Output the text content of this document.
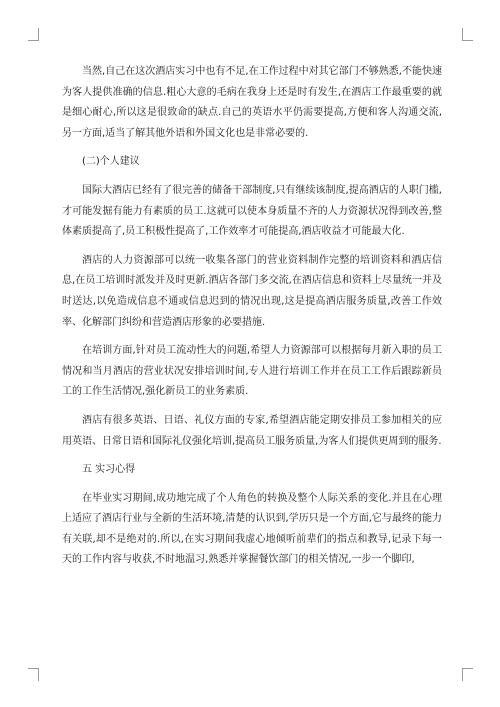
当然,自己在这次酒店实习中也有不足,在工作过程中对其它部门不够熟悉,不能快速为客人提供准确的信息.粗心大意的毛病在我身上还是时有发生,在酒店工作最重要的就是细心耐心,所以这是很致命的缺点.自己的英语水平仍需要提高,方便和客人沟通交流,另一方面,适当了解其他外语和外国文化也是非常必要的.

(二)个人建议

国际大酒店已经有了很完善的储备干部制度,只有继续该制度,提高酒店的人职门槛,才可能发掘有能力有素质的员工.这就可以使本身质量不齐的人力资源状况得到改善,整体素质提高了,员工积极性提高了,工作效率才可能提高,酒店收益才可能最大化.

酒店的人力资源部可以统一收集各部门的营业资料制作完整的培训资料和酒店信息,在员工培训时派发并及时更新.酒店各部门多交流,在酒店信息和资料上尽量统一并及时送达,以免造成信息不通或信息迟到的情况出现,这是提高酒店服务质量,改善工作效率、化解部门纠纷和营造酒店形象的必要措施.

在培训方面,针对员工流动性大的问题,希望人力资源部可以根据每月新入职的员工情况和当月酒店的营业状况安排培训时间,专人进行培训工作并在员工工作后跟踪新员工的工作生活情况,强化新员工的业务素质.

酒店有很多英语、日语、礼仪方面的专家,希望酒店能定期安排员工参加相关的应用英语、日常日语和国际礼仪强化培训,提高员工服务质量,为客人们提供更周到的服务.

五 实习心得

在毕业实习期间,成功地完成了个人角色的转换及整个人际关系的变化.并且在心理上适应了酒店行业与全新的生活环境,清楚的认识到,学历只是一个方面,它与最终的能力有关联,却不是绝对的.所以,在实习期间我虚心地倾听前辈们的指点和教导,记录下每一天的工作内容与收获,不时地温习,熟悉并掌握餐饮部门的相关情况,一步一个脚印,
